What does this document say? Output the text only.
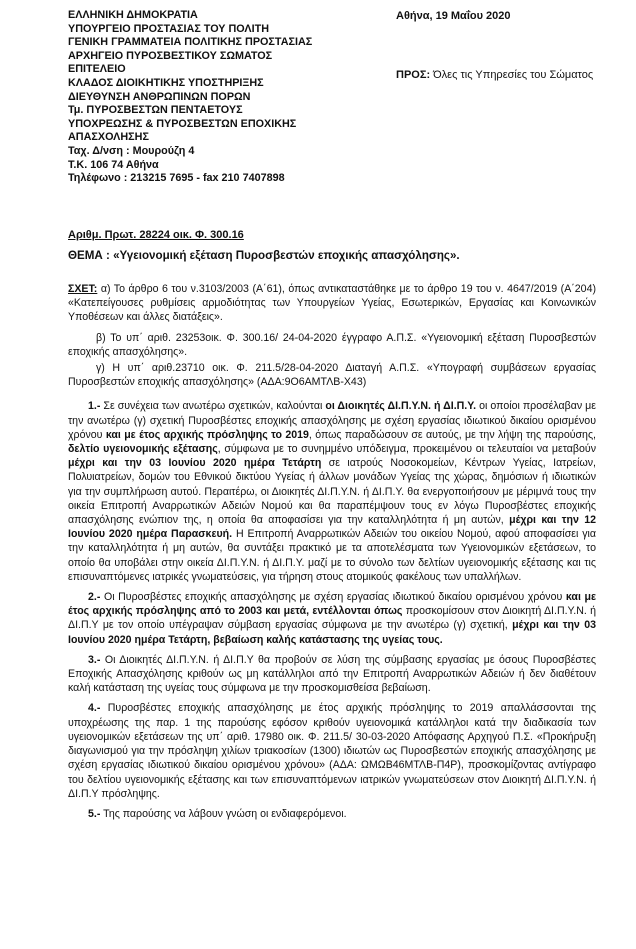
ΕΛΛΗΝΙΚΗ ΔΗΜΟΚΡΑΤΙΑ
ΥΠΟΥΡΓΕΙΟ ΠΡΟΣΤΑΣΙΑΣ ΤΟΥ ΠΟΛΙΤΗ
ΓΕΝΙΚΗ ΓΡΑΜΜΑΤΕΙΑ ΠΟΛΙΤΙΚΗΣ ΠΡΟΣΤΑΣΙΑΣ
ΑΡΧΗΓΕΙΟ ΠΥΡΟΣΒΕΣΤΙΚΟΥ ΣΩΜΑΤΟΣ
ΕΠΙΤΕΛΕΙΟ
ΚΛΑΔΟΣ ΔΙΟΙΚΗΤΙΚΗΣ ΥΠΟΣΤΗΡΙΞΗΣ
ΔΙΕΥΘΥΝΣΗ ΑΝΘΡΩΠΙΝΩΝ ΠΟΡΩΝ
Τμ. ΠΥΡΟΣΒΕΣΤΩΝ ΠΕΝΤΑΕΤΟΥΣ
ΥΠΟΧΡΕΩΣΗΣ & ΠΥΡΟΣΒΕΣΤΩΝ ΕΠΟΧΙΚΗΣ
ΑΠΑΣΧΟΛΗΣΗΣ
Ταχ. Δ/νση : Μουρούζη 4
Τ.Κ. 106 74 Αθήνα
Τηλέφωνο : 213215 7695 - fax 210 7407898
Αθήνα, 19 Μαΐου 2020
ΠΡΟΣ: Όλες τις Υπηρεσίες του Σώματος
Αριθμ. Πρωτ. 28224 οικ. Φ. 300.16
ΘΕΜΑ : «Υγειονομική εξέταση Πυροσβεστών εποχικής απασχόλησης».

ΣΧΕΤ: α) Το άρθρο 6 του ν.3103/2003 (Α΄61), όπως αντικαταστάθηκε με το άρθρο 19 του ν. 4647/2019 (Α΄204) «Κατεπείγουσες ρυθμίσεις αρμοδιότητας των Υπουργείων Υγείας, Εσωτερικών, Εργασίας και Κοινωνικών Υποθέσεων και άλλες διατάξεις».

β) Το υπ΄ αριθ. 23253οικ. Φ. 300.16/ 24-04-2020 έγγραφο Α.Π.Σ. «Υγειονομική εξέταση Πυροσβεστών εποχικής απασχόλησης».

γ) Η υπ΄ αριθ.23710 οικ. Φ. 211.5/28-04-2020 Διαταγή Α.Π.Σ. «Υπογραφή συμβάσεων εργασίας Πυροσβεστών εποχικής απασχόλησης» (ΑΔΑ:9Ο6ΑΜΤΛΒ-Χ43)

1.- Σε συνέχεια των ανωτέρω σχετικών, καλούνται οι Διοικητές ΔΙ.Π.Υ.Ν. ή ΔΙ.Π.Υ. οι οποίοι προσέλαβαν με την ανωτέρω (γ) σχετική Πυροσβέστες εποχικής απασχόλησης με σχέση εργασίας ιδιωτικού δικαίου ορισμένου χρόνου και με έτος αρχικής πρόσληψης το 2019, όπως παραδώσουν σε αυτούς, με την λήψη της παρούσης, δελτίο υγειονομικής εξέτασης, σύμφωνα με το συνημμένο υπόδειγμα, προκειμένου οι τελευταίοι να μεταβούν μέχρι και την 03 Ιουνίου 2020 ημέρα Τετάρτη σε ιατρούς Νοσοκομείων, Κέντρων Υγείας, Ιατρείων, Πολυιατρείων, δομών του Εθνικού δικτύου Υγείας ή άλλων μονάδων Υγείας της χώρας, δημόσιων ή ιδιωτικών για την συμπλήρωση αυτού. Περαιτέρω, οι Διοικητές ΔΙ.Π.Υ.Ν. ή ΔΙ.Π.Υ. θα ενεργοποιήσουν με μέριμνά τους την οικεία Επιτροπή Αναρρωτικών Αδειών Νομού και θα παραπέμψουν τους εν λόγω Πυροσβέστες εποχικής απασχόλησης ενώπιον της, η οποία θα αποφασίσει για την καταλληλότητα ή μη αυτών, μέχρι και την 12 Ιουνίου 2020 ημέρα Παρασκευή. Η Επιτροπή Αναρρωτικών Αδειών του οικείου Νομού, αφού αποφασίσει για την καταλληλότητα ή μη αυτών, θα συντάξει πρακτικό με τα αποτελέσματα των Υγειονομικών εξετάσεων, το οποίο θα υποβάλει στην οικεία ΔΙ.Π.Υ.Ν. ή ΔΙ.Π.Υ. μαζί με το σύνολο των δελτίων υγειονομικής εξέτασης και τις επισυναπτόμενες ιατρικές γνωματεύσεις, για τήρηση στους ατομικούς φακέλους των υπαλλήλων.

2.- Οι Πυροσβέστες εποχικής απασχόλησης με σχέση εργασίας ιδιωτικού δικαίου ορισμένου χρόνου και με έτος αρχικής πρόσληψης από το 2003 και μετά, εντέλλονται όπως προσκομίσουν στον Διοικητή ΔΙ.Π.Υ.Ν. ή ΔΙ.Π.Υ με τον οποίο υπέγραψαν σύμβαση εργασίας σύμφωνα με την ανωτέρω (γ) σχετική, μέχρι και την 03 Ιουνίου 2020 ημέρα Τετάρτη, βεβαίωση καλής κατάστασης της υγείας τους.

3.- Οι Διοικητές ΔΙ.Π.Υ.Ν. ή ΔΙ.Π.Υ θα προβούν σε λύση της σύμβασης εργασίας με όσους Πυροσβέστες Εποχικής Απασχόλησης κριθούν ως μη κατάλληλοι από την Επιτροπή Αναρρωτικών Αδειών ή δεν διαθέτουν καλή κατάσταση της υγείας τους σύμφωνα με την προσκομισθείσα βεβαίωση.

4.- Πυροσβέστες εποχικής απασχόλησης με έτος αρχικής πρόσληψης το 2019 απαλλάσσονται της υποχρέωσης της παρ. 1 της παρούσης εφόσον κριθούν υγειονομικά κατάλληλοι κατά την διαδικασία των υγειονομικών εξετάσεων της υπ΄ αριθ. 17980 οικ. Φ. 211.5/ 30-03-2020 Απόφασης Αρχηγού Π.Σ. «Προκήρυξη διαγωνισμού για την πρόσληψη χιλίων τριακοσίων (1300) ιδιωτών ως Πυροσβεστών εποχικής απασχόλησης με σχέση εργασίας ιδιωτικού δικαίου ορισμένου χρόνου» (ΑΔΑ: ΩΜΩΒ46ΜΤΛΒ-Π4Ρ), προσκομίζοντας αντίγραφο του δελτίου υγειονομικής εξέτασης και των επισυναπτόμενων ιατρικών γνωματεύσεων στον Διοικητή ΔΙ.Π.Υ.Ν. ή ΔΙ.Π.Υ πρόσληψης.

5.- Της παρούσης να λάβουν γνώση οι ενδιαφερόμενοι.
